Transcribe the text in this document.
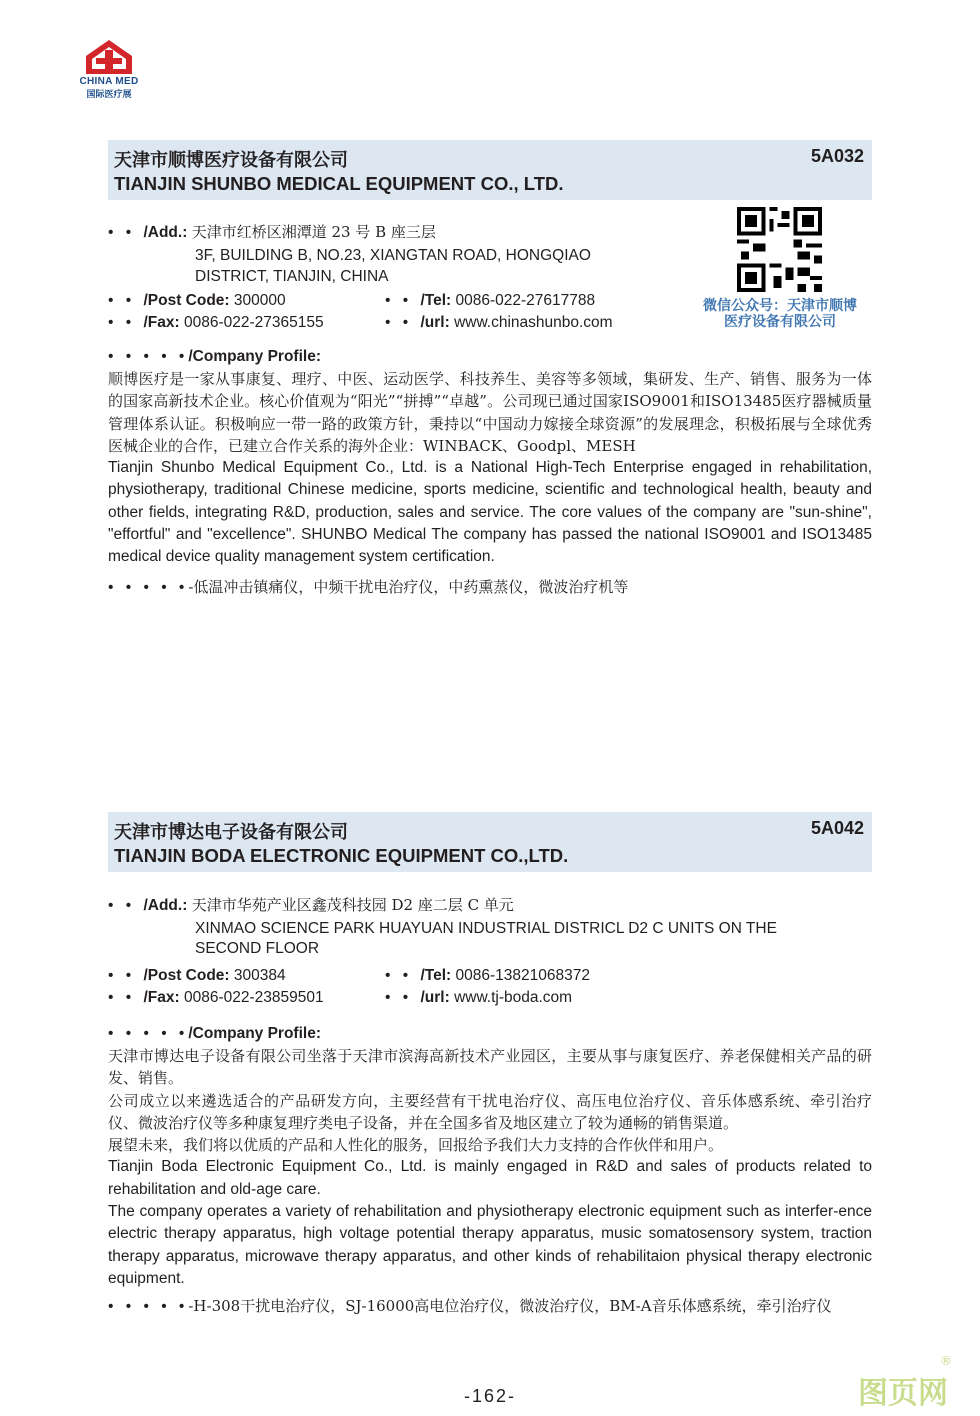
CHINA MED
国际医疗展
天津市顺博医疗设备有限公司
TIANJIN SHUNBO MEDICAL EQUIPMENT CO., LTD.
5A032
• • /Add.: 天津市红桥区湘潭道 23 号 B 座三层
3F, BUILDING B, NO.23, XIANGTAN ROAD, HONGQIAO
DISTRICT, TIANJIN, CHINA
• • /Post Code: 300000	• • /Tel: 0086-022-27617788
• • /Fax: 0086-022-27365155	• • /url: www.chinashunbo.com
微信公众号：天津市顺博
医疗设备有限公司
• • • • •/Company Profile:

顺博医疗是一家从事康复、理疗、中医、运动医学、科技养生、美容等多领域，集研发、生产、销售、服务为一体的国家高新技术企业。核心价值观为“阳光”“拼搏”“卓越”。公司现已通过国家ISO9001和ISO13485医疗器械质量管理体系认证。积极响应一带一路的政策方针，秉持以“中国动力嫁接全球资源”的发展理念，积极拓展与全球优秀医械企业的合作，已建立合作关系的海外企业：WINBACK、Goodpl、MESH

Tianjin Shunbo Medical Equipment Co., Ltd. is a National High-Tech Enterprise engaged in rehabilitation, physiotherapy, traditional Chinese medicine, sports medicine, scientific and technological health, beauty and other fields, integrating R&D, production, sales and service. The core values of the company are "sun-shine", "effortful" and "excellence". SHUNBO Medical The company has passed the national ISO9001 and ISO13485 medical device quality management system certification.

• • • • •-低温冲击镇痛仪，中频干扰电治疗仪，中药熏蒸仪，微波治疗机等
天津市博达电子设备有限公司
TIANJIN BODA ELECTRONIC EQUIPMENT CO.,LTD.
5A042
• • /Add.: 天津市华苑产业区鑫茂科技园 D2 座二层 C 单元
XINMAO SCIENCE PARK HUAYUAN INDUSTRIAL DISTRICL D2 C UNITS ON THE
SECOND FLOOR
• • /Post Code: 300384	• • /Tel: 0086-13821068372
• • /Fax: 0086-022-23859501	• • /url: www.tj-boda.com
• • • • •/Company Profile:

天津市博达电子设备有限公司坐落于天津市滨海高新技术产业园区，主要从事与康复医疗、养老保健相关产品的研发、销售。

公司成立以来遴选适合的产品研发方向，主要经营有干扰电治疗仪、高压电位治疗仪、音乐体感系统、牵引治疗仪、微波治疗仪等多种康复理疗类电子设备，并在全国多省及地区建立了较为通畅的销售渠道。

展望未来，我们将以优质的产品和人性化的服务，回报给予我们大力支持的合作伙伴和用户。

Tianjin Boda Electronic Equipment Co., Ltd. is mainly engaged in R&D and sales of products related to rehabilitation and old-age care.

The company operates a variety of rehabilitation and physiotherapy electronic equipment such as interfer-ence electric therapy apparatus, high voltage potential therapy apparatus, music somatosensory system, traction therapy apparatus, microwave therapy apparatus, and other kinds of rehabilitaion physical therapy electronic equipment.

• • • • •-H-308干扰电治疗仪，SJ-16000高电位治疗仪，微波治疗仪，BM-A音乐体感系统，牵引治疗仪
-162-	图页网
®
